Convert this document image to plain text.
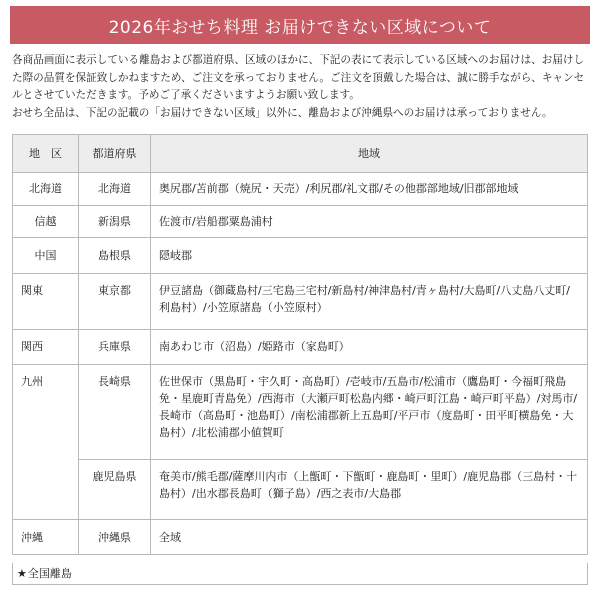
2026年おせち料理 お届けできない区域について

各商品画面に表示している離島および都道府県、区域のほかに、下記の表にて表示している区域へのお届けは、お届けした際の品質を保証致しかねますため、ご注文を承っておりません。ご注文を頂戴した場合は、誠に勝手ながら、キャンセルとさせていただきます。予めご了承くださいますようお願い致します。

おせち全品は、下記の記載の「お届けできない区域」以外に、離島および沖縄県へのお届けは承っておりません。

地　区	都道府県	地域
北海道	北海道	奥尻郡/苫前郡（焼尻・天売）/利尻郡/礼文郡/その他郡部地域/旧郡部地域
信越	新潟県	佐渡市/岩船郡粟島浦村
中国	島根県	隠岐郡
関東	東京都	伊豆諸島（御蔵島村/三宅島三宅村/新島村/神津島村/青ヶ島村/大島町/八丈島八丈町/利島村）/小笠原諸島（小笠原村）
関西	兵庫県	南あわじ市（沼島）/姫路市（家島町）
九州	長崎県	佐世保市（黒島町・宇久町・高島町）/壱岐市/五島市/松浦市（鷹島町・今福町飛島免・星鹿町青島免）/西海市（大瀬戸町松島内郷・崎戸町江島・崎戸町平島）/対馬市/長崎市（高島町・池島町）/南松浦郡新上五島町/平戸市（度島町・田平町横島免・大島村）/北松浦郡小値賀町
	鹿児島県	奄美市/熊毛郡/薩摩川内市（上甑町・下甑町・鹿島町・里町）/鹿児島郡（三島村・十島村）/出水郡長島町（獅子島）/西之表市/大島郡
沖縄	沖縄県	全域
★全国離島
